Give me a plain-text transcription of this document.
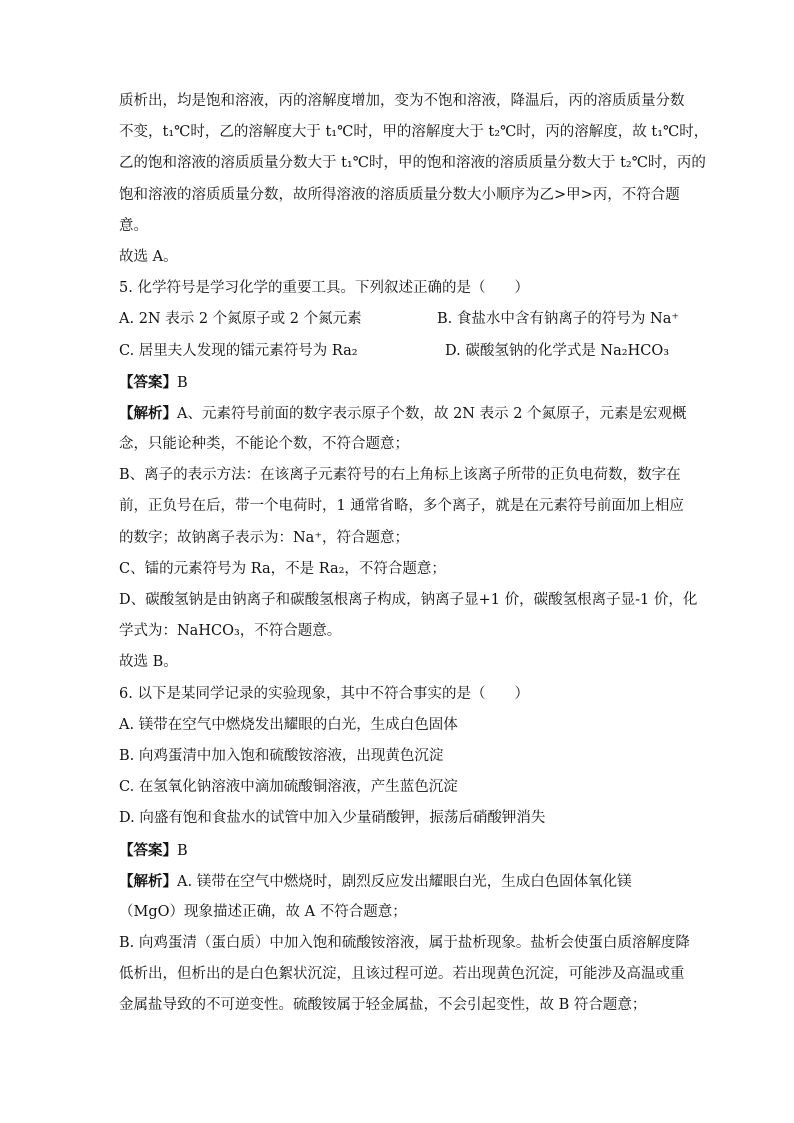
质析出，均是饱和溶液，丙的溶解度增加，变为不饱和溶液，降温后，丙的溶质质量分数
不变，t₁℃时，乙的溶解度大于 t₁℃时，甲的溶解度大于 t₂℃时，丙的溶解度，故 t₁℃时，
乙的饱和溶液的溶质质量分数大于 t₁℃时，甲的饱和溶液的溶质质量分数大于 t₂℃时，丙的
饱和溶液的溶质质量分数，故所得溶液的溶质质量分数大小顺序为乙>甲>丙，不符合题
意。
故选 A。
5. 化学符号是学习化学的重要工具。下列叙述正确的是（　　）
A. 2N 表示 2 个氮原子或 2 个氮元素	B. 食盐水中含有钠离子的符号为 Na⁺
C. 居里夫人发现的镭元素符号为 Ra₂	D. 碳酸氢钠的化学式是 Na₂HCO₃
【答案】B
【解析】A、元素符号前面的数字表示原子个数，故 2N 表示 2 个氮原子，元素是宏观概
念，只能论种类，不能论个数，不符合题意；
B、离子的表示方法：在该离子元素符号的右上角标上该离子所带的正负电荷数，数字在
前，正负号在后，带一个电荷时，1 通常省略，多个离子，就是在元素符号前面加上相应
的数字；故钠离子表示为：Na⁺，符合题意；
C、镭的元素符号为 Ra，不是 Ra₂，不符合题意；
D、碳酸氢钠是由钠离子和碳酸氢根离子构成，钠离子显+1 价，碳酸氢根离子显-1 价，化
学式为：NaHCO₃，不符合题意。
故选 B。
6. 以下是某同学记录的实验现象，其中不符合事实的是（　　）
A. 镁带在空气中燃烧发出耀眼的白光，生成白色固体
B. 向鸡蛋清中加入饱和硫酸铵溶液，出现黄色沉淀
C. 在氢氧化钠溶液中滴加硫酸铜溶液，产生蓝色沉淀
D. 向盛有饱和食盐水的试管中加入少量硝酸钾，振荡后硝酸钾消失
【答案】B
【解析】A. 镁带在空气中燃烧时，剧烈反应发出耀眼白光，生成白色固体氧化镁
（MgO）现象描述正确，故 A 不符合题意；
B. 向鸡蛋清（蛋白质）中加入饱和硫酸铵溶液，属于盐析现象。盐析会使蛋白质溶解度降
低析出，但析出的是白色絮状沉淀，且该过程可逆。若出现黄色沉淀，可能涉及高温或重
金属盐导致的不可逆变性。硫酸铵属于轻金属盐，不会引起变性，故 B 符合题意；
